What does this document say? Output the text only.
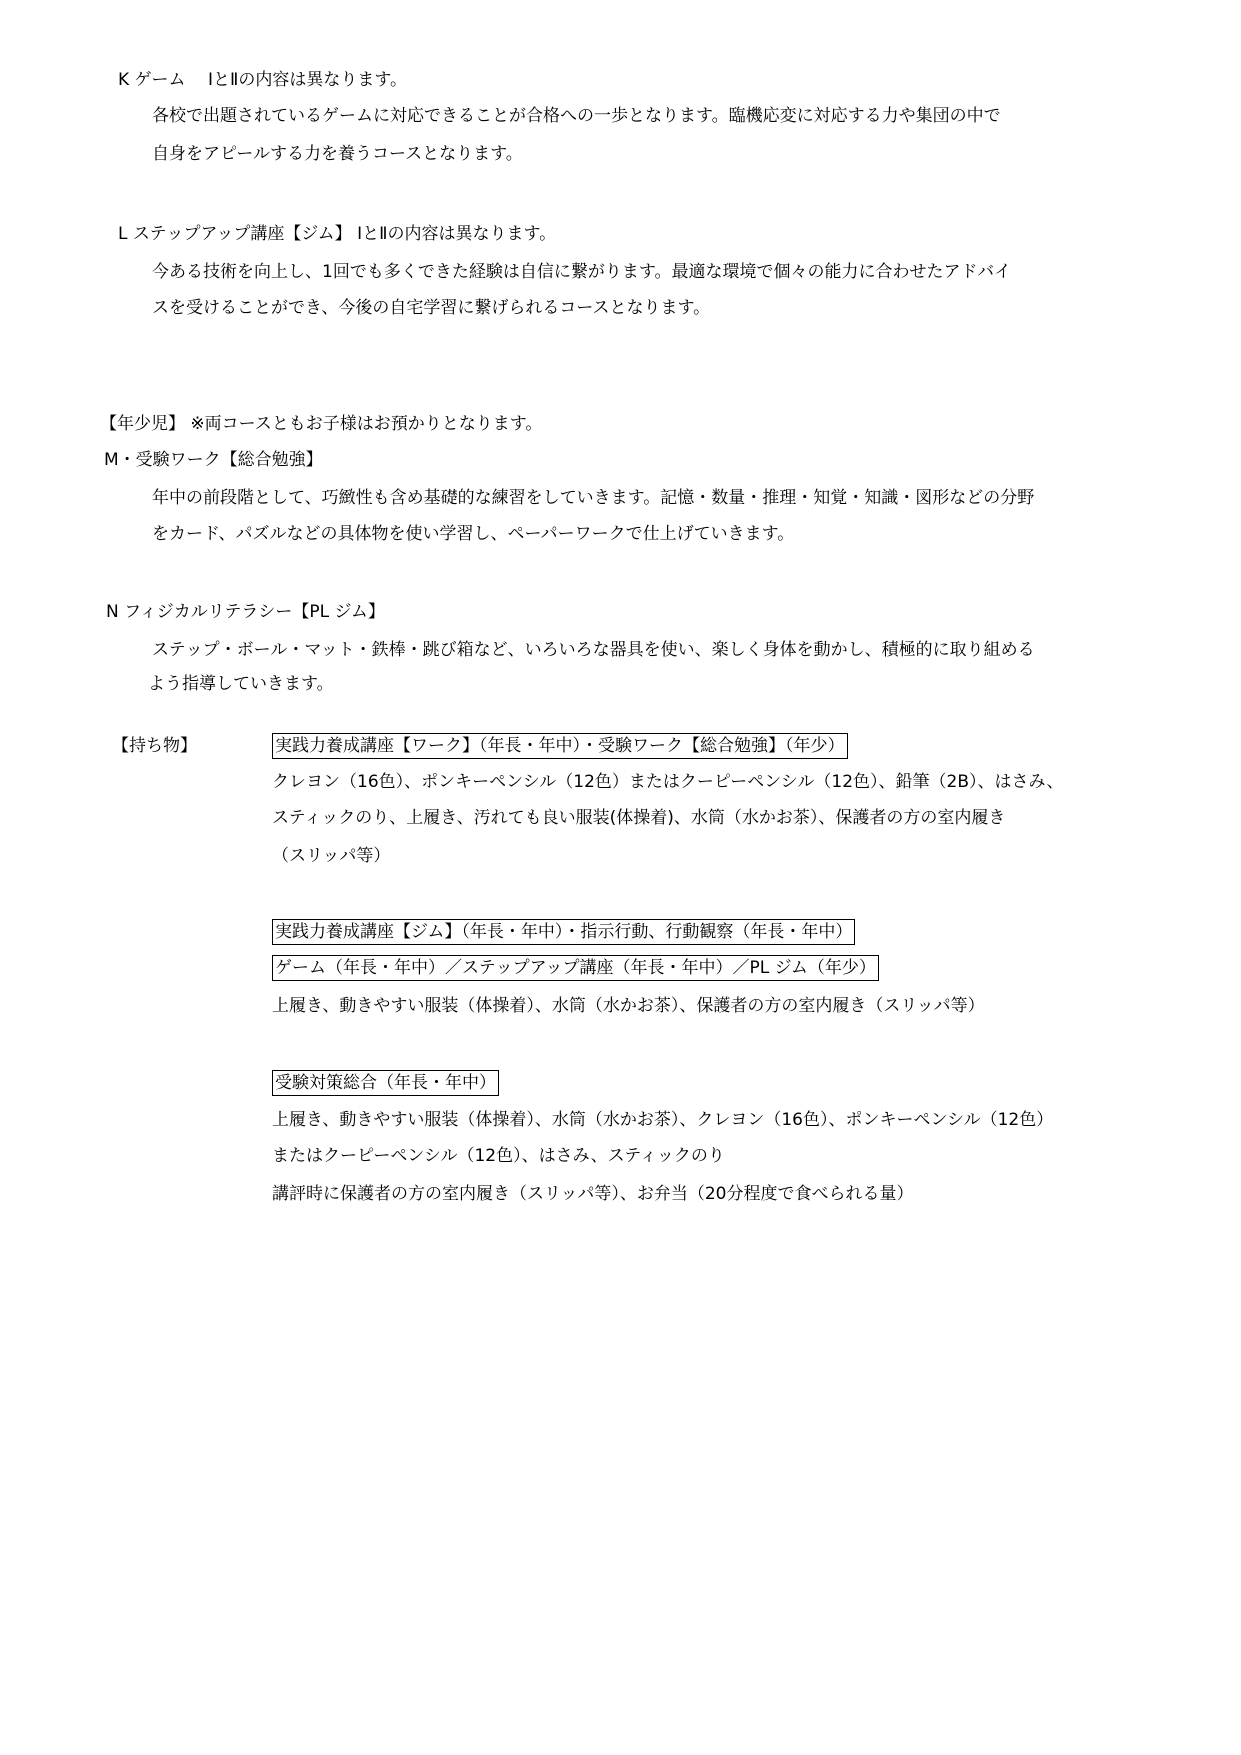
K ゲーム　 ⅠとⅡの内容は異なります。
各校で出題されているゲームに対応できることが合格への一歩となります。臨機応変に対応する力や集団の中で
自身をアピールする力を養うコースとなります。
L ステップアップ講座【ジム】 ⅠとⅡの内容は異なります。
今ある技術を向上し、1回でも多くできた経験は自信に繋がります。最適な環境で個々の能力に合わせたアドバイ
スを受けることができ、今後の自宅学習に繋げられるコースとなります。
【年少児】 ※両コースともお子様はお預かりとなります。
M・受験ワーク【総合勉強】
年中の前段階として、巧緻性も含め基礎的な練習をしていきます。記憶・数量・推理・知覚・知識・図形などの分野
をカード、パズルなどの具体物を使い学習し、ペーパーワークで仕上げていきます。
N フィジカルリテラシー【PL ジム】
ステップ・ボール・マット・鉄棒・跳び箱など、いろいろな器具を使い、楽しく身体を動かし、積極的に取り組める
よう指導していきます。
【持ち物】	実践力養成講座【ワーク】（年長・年中）・受験ワーク【総合勉強】（年少）
クレヨン（16色）、ポンキーペンシル（12色）またはクーピーペンシル（12色）、鉛筆（2B）、はさみ、
スティックのり、上履き、汚れても良い服装(体操着)、水筒（水かお茶）、保護者の方の室内履き
（スリッパ等）
実践力養成講座【ジム】（年長・年中）・指示行動、行動観察（年長・年中）
ゲーム（年長・年中）／ステップアップ講座（年長・年中）／PL ジム（年少）
上履き、動きやすい服装（体操着）、水筒（水かお茶）、保護者の方の室内履き（スリッパ等）
受験対策総合（年長・年中）
上履き、動きやすい服装（体操着）、水筒（水かお茶）、クレヨン（16色）、ポンキーペンシル（12色）
またはクーピーペンシル（12色）、はさみ、スティックのり
講評時に保護者の方の室内履き（スリッパ等）、お弁当（20分程度で食べられる量）
